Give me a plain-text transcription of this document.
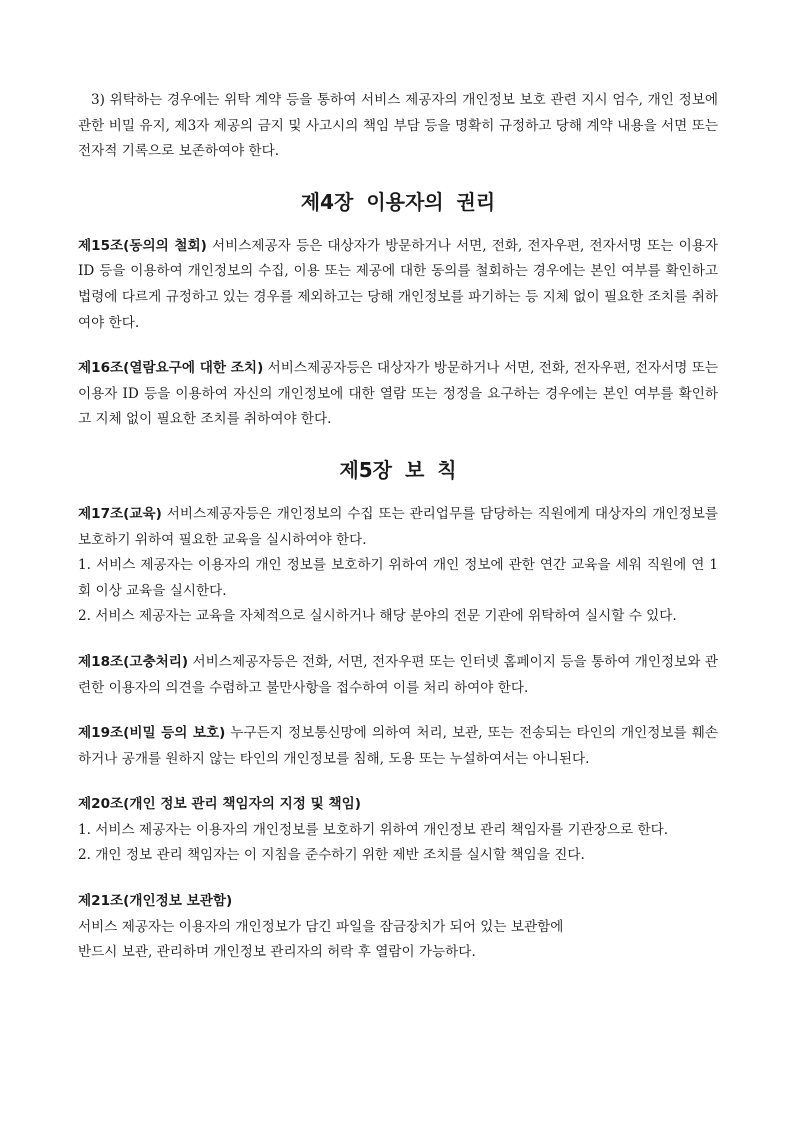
3) 위탁하는 경우에는 위탁 계약 등을 통하여 서비스 제공자의 개인정보 보호 관련 지시 엄수, 개인 정보에 관한 비밀 유지, 제3자 제공의 금지 및 사고시의 책임 부담 등을 명확히 규정하고 당해 계약 내용을 서면 또는 전자적 기록으로 보존하여야 한다.

제4장 이용자의 권리

제15조(동의의 철회) 서비스제공자 등은 대상자가 방문하거나 서면, 전화, 전자우편, 전자서명 또는 이용자 ID 등을 이용하여 개인정보의 수집, 이용 또는 제공에 대한 동의를 철회하는 경우에는 본인 여부를 확인하고 법령에 다르게 규정하고 있는 경우를 제외하고는 당해 개인정보를 파기하는 등 지체 없이 필요한 조치를 취하여야 한다.

제16조(열람요구에 대한 조치) 서비스제공자등은 대상자가 방문하거나 서면, 전화, 전자우편, 전자서명 또는 이용자 ID 등을 이용하여 자신의 개인정보에 대한 열람 또는 정정을 요구하는 경우에는 본인 여부를 확인하고 지체 없이 필요한 조치를 취하여야 한다.

제5장 보 칙

제17조(교육) 서비스제공자등은 개인정보의 수집 또는 관리업무를 담당하는 직원에게 대상자의 개인정보를 보호하기 위하여 필요한 교육을 실시하여야 한다.

1. 서비스 제공자는 이용자의 개인 정보를 보호하기 위하여 개인 정보에 관한 연간 교육을 세워 직원에 연 1회 이상 교육을 실시한다.

2. 서비스 제공자는 교육을 자체적으로 실시하거나 해당 분야의 전문 기관에 위탁하여 실시할 수 있다.

제18조(고충처리) 서비스제공자등은 전화, 서면, 전자우편 또는 인터넷 홈페이지 등을 통하여 개인정보와 관련한 이용자의 의견을 수렴하고 불만사항을 접수하여 이를 처리 하여야 한다.

제19조(비밀 등의 보호) 누구든지 정보통신망에 의하여 처리, 보관, 또는 전송되는 타인의 개인정보를 훼손하거나 공개를 원하지 않는 타인의 개인정보를 침해, 도용 또는 누설하여서는 아니된다.

제20조(개인 정보 관리 책임자의 지정 및 책임)

1. 서비스 제공자는 이용자의 개인정보를 보호하기 위하여 개인정보 관리 책임자를 기관장으로 한다.

2. 개인 정보 관리 책임자는 이 지침을 준수하기 위한 제반 조치를 실시할 책임을 진다.

제21조(개인정보 보관함)

서비스 제공자는 이용자의 개인정보가 담긴 파일을 잠금장치가 되어 있는 보관함에

반드시 보관, 관리하며 개인정보 관리자의 허락 후 열람이 가능하다.
